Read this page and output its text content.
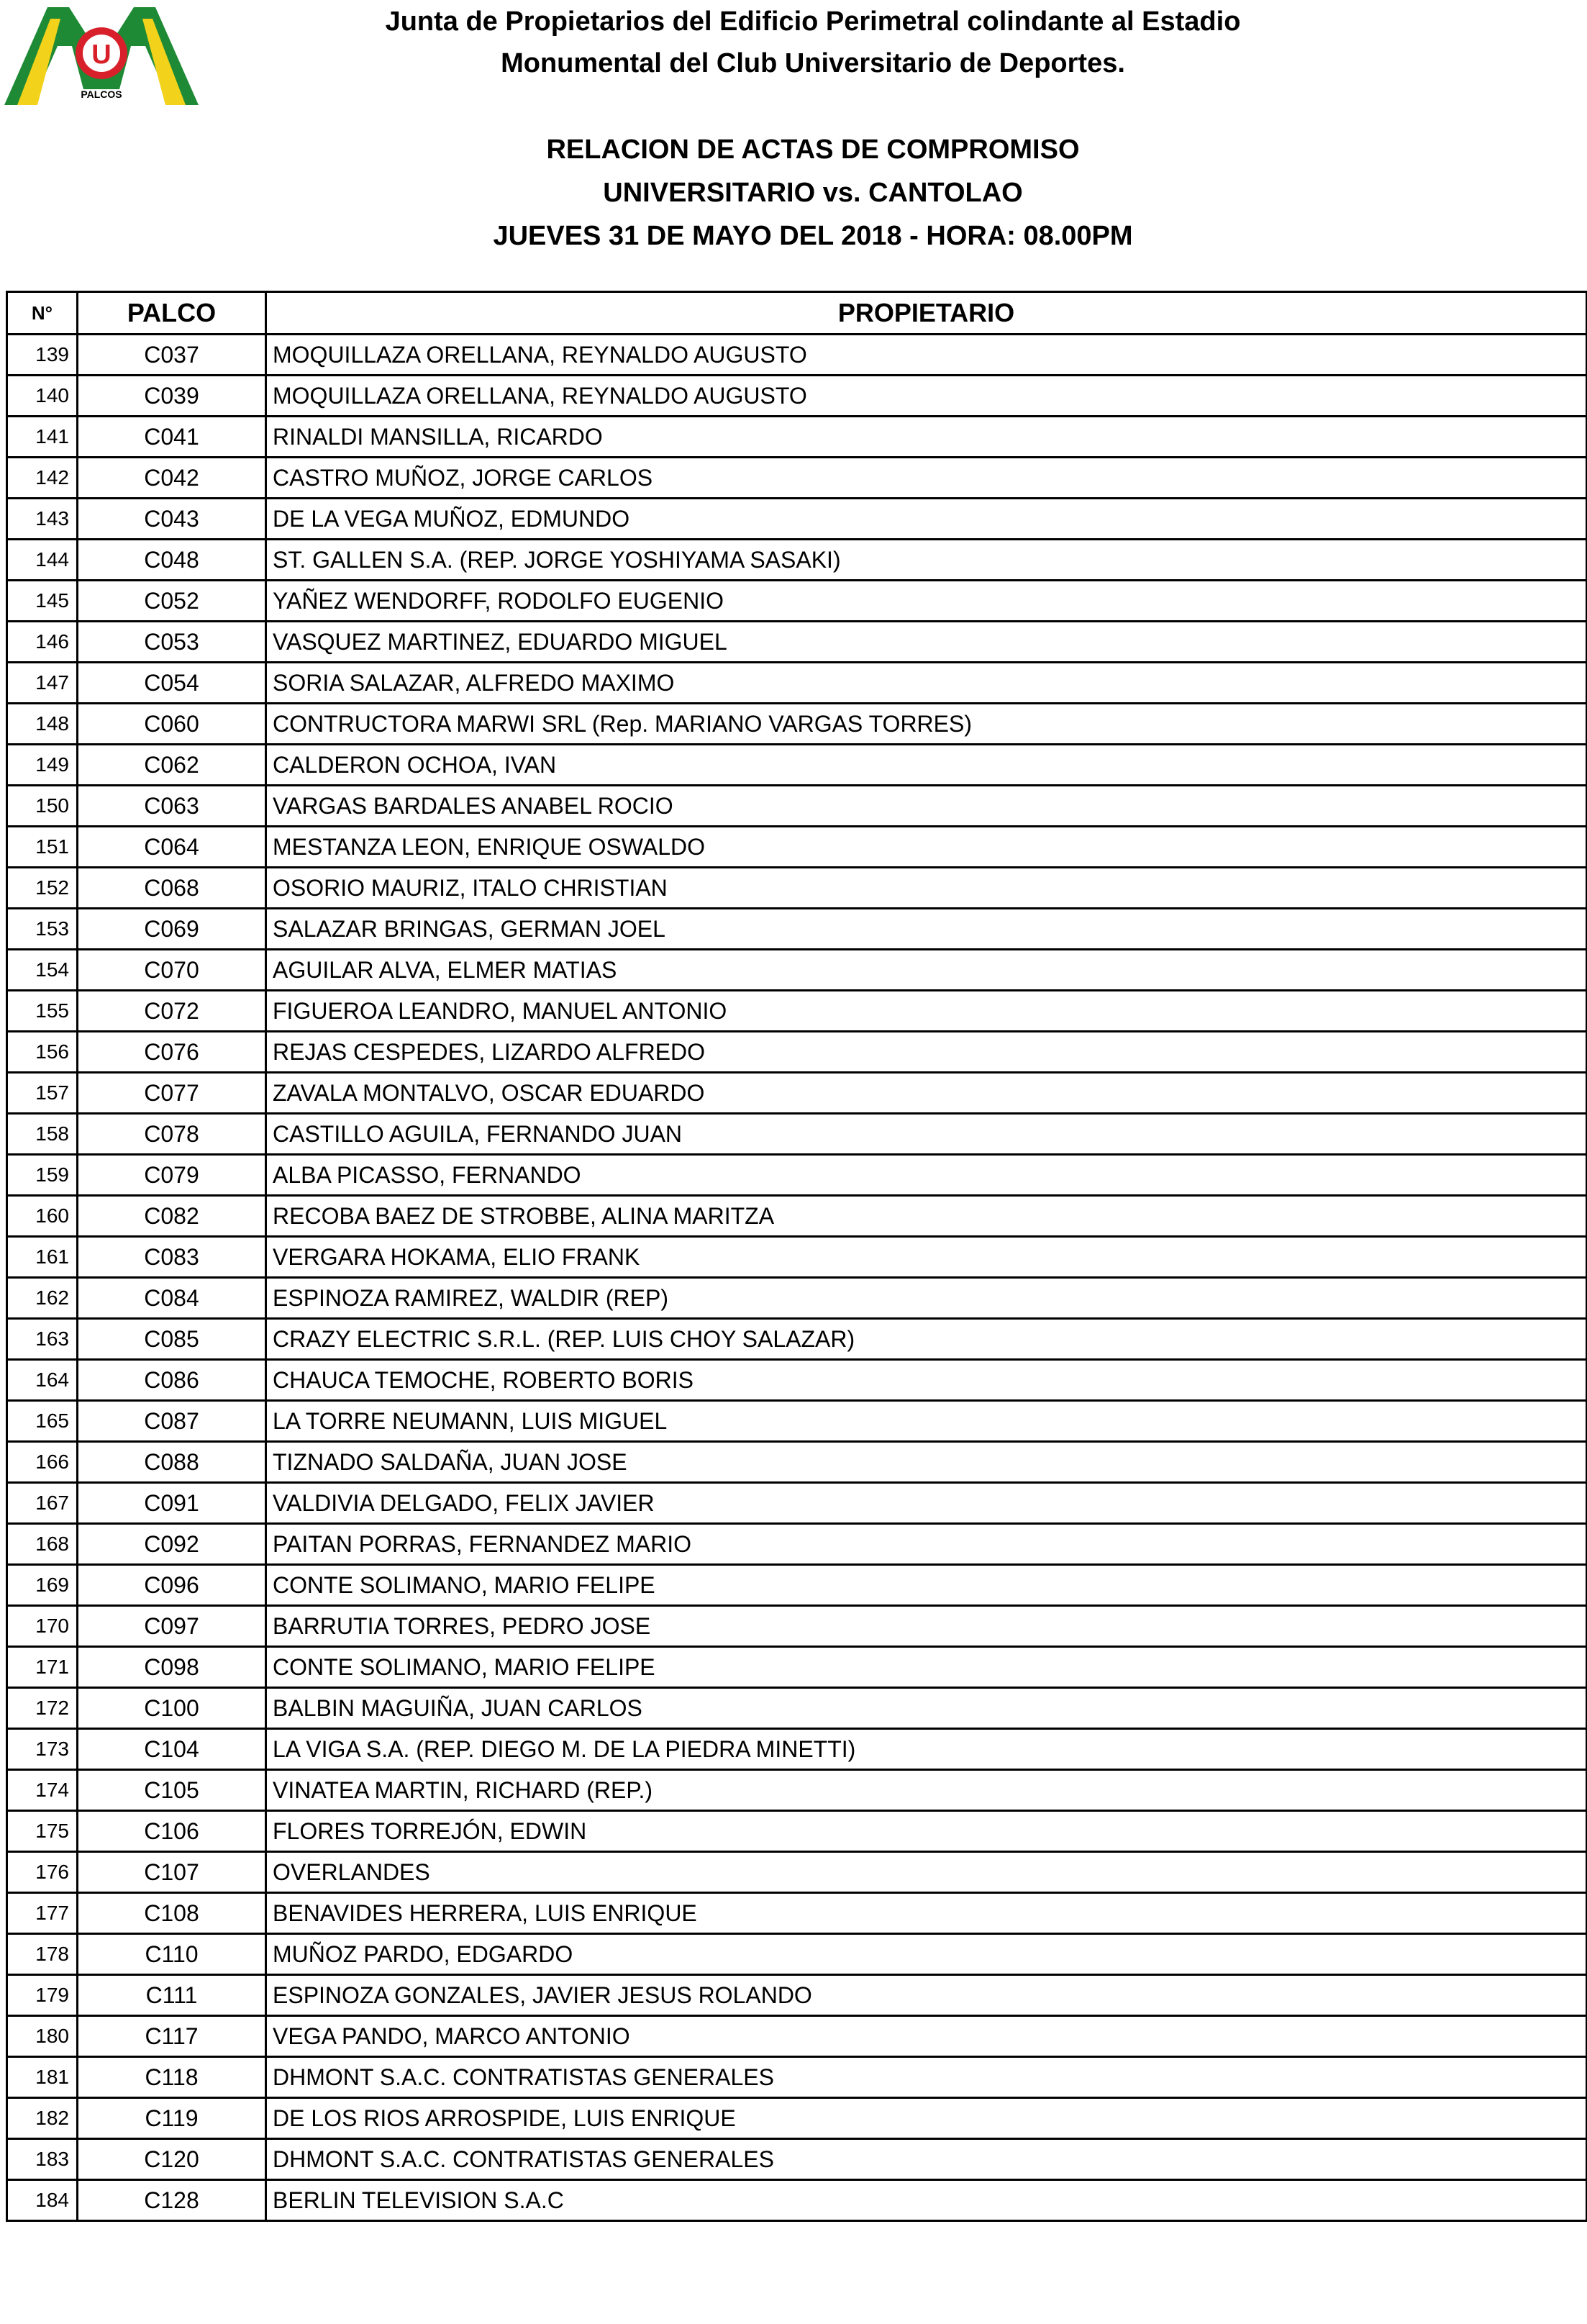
U
PALCOS
Junta de Propietarios del Edificio Perimetral colindante al Estadio
Monumental del Club Universitario de Deportes.
RELACION DE ACTAS DE COMPROMISO
UNIVERSITARIO vs. CANTOLAO
JUEVES 31 DE MAYO DEL 2018 - HORA: 08.00PM
N°	PALCO	PROPIETARIO
139	C037	MOQUILLAZA ORELLANA, REYNALDO AUGUSTO
140	C039	MOQUILLAZA ORELLANA, REYNALDO AUGUSTO
141	C041	RINALDI MANSILLA, RICARDO
142	C042	CASTRO MUÑOZ, JORGE CARLOS
143	C043	DE LA VEGA MUÑOZ, EDMUNDO
144	C048	ST. GALLEN S.A. (REP. JORGE YOSHIYAMA SASAKI)
145	C052	YAÑEZ WENDORFF, RODOLFO EUGENIO
146	C053	VASQUEZ MARTINEZ, EDUARDO MIGUEL
147	C054	SORIA SALAZAR, ALFREDO MAXIMO
148	C060	CONTRUCTORA MARWI SRL (Rep. MARIANO VARGAS TORRES)
149	C062	CALDERON OCHOA, IVAN
150	C063	VARGAS BARDALES ANABEL ROCIO
151	C064	MESTANZA LEON, ENRIQUE OSWALDO
152	C068	OSORIO MAURIZ, ITALO CHRISTIAN
153	C069	SALAZAR BRINGAS, GERMAN JOEL
154	C070	AGUILAR ALVA, ELMER MATIAS
155	C072	FIGUEROA LEANDRO, MANUEL ANTONIO
156	C076	REJAS CESPEDES, LIZARDO ALFREDO
157	C077	ZAVALA MONTALVO, OSCAR EDUARDO
158	C078	CASTILLO AGUILA, FERNANDO JUAN
159	C079	ALBA PICASSO, FERNANDO
160	C082	RECOBA BAEZ DE STROBBE, ALINA MARITZA
161	C083	VERGARA HOKAMA, ELIO FRANK
162	C084	ESPINOZA RAMIREZ, WALDIR (REP)
163	C085	CRAZY ELECTRIC S.R.L. (REP. LUIS CHOY SALAZAR)
164	C086	CHAUCA TEMOCHE, ROBERTO BORIS
165	C087	LA TORRE NEUMANN, LUIS MIGUEL
166	C088	TIZNADO SALDAÑA, JUAN JOSE
167	C091	VALDIVIA DELGADO, FELIX JAVIER
168	C092	PAITAN PORRAS, FERNANDEZ MARIO
169	C096	CONTE SOLIMANO, MARIO FELIPE
170	C097	BARRUTIA TORRES, PEDRO JOSE
171	C098	CONTE SOLIMANO, MARIO FELIPE
172	C100	BALBIN MAGUIÑA, JUAN CARLOS
173	C104	LA VIGA S.A. (REP. DIEGO M. DE LA PIEDRA MINETTI)
174	C105	VINATEA MARTIN, RICHARD (REP.)
175	C106	FLORES TORREJÓN, EDWIN
176	C107	OVERLANDES
177	C108	BENAVIDES HERRERA, LUIS ENRIQUE
178	C110	MUÑOZ PARDO, EDGARDO
179	C111	ESPINOZA GONZALES, JAVIER JESUS ROLANDO
180	C117	VEGA PANDO, MARCO ANTONIO
181	C118	DHMONT S.A.C. CONTRATISTAS GENERALES
182	C119	DE LOS RIOS ARROSPIDE, LUIS ENRIQUE
183	C120	DHMONT S.A.C. CONTRATISTAS GENERALES
184	C128	BERLIN TELEVISION S.A.C
